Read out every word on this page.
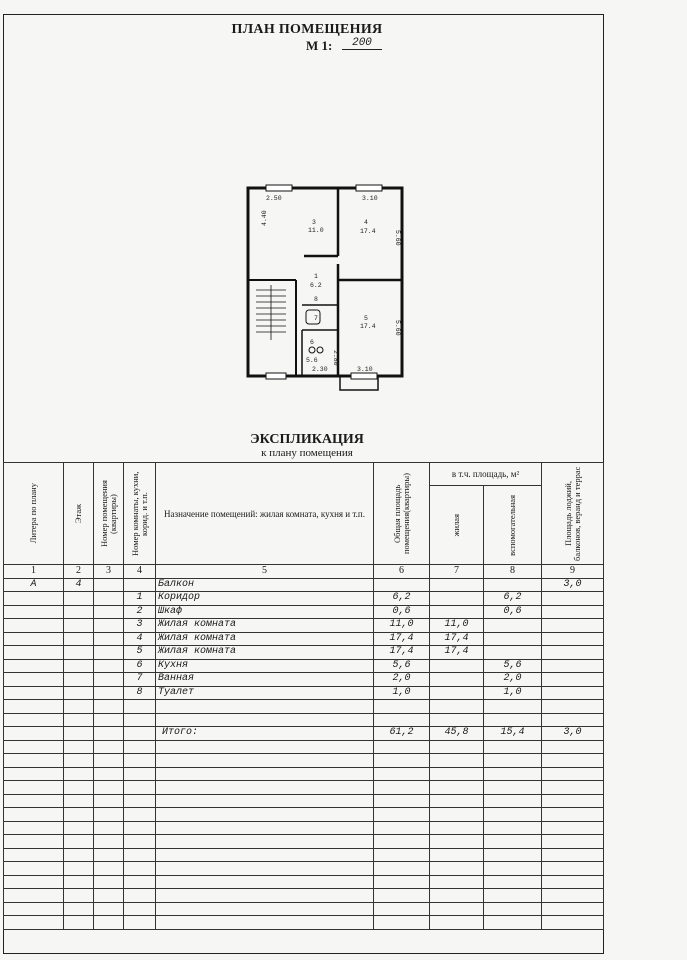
ПЛАН ПОМЕЩЕНИЯ
М 1:	200
2.50	3.10
4.40
5.60
5.60
2.80
2.30	3.10
3
11.0
4
17.4
1
6.2
5
17.4
8
7
6
5.6
ЭКСПЛИКАЦИЯ
к плану помещения
Литера по плану	Этаж	Номер помещения (квартиры)	Номер комнаты, кухни, корид. и т.п.	Назначение помещений: жилая комната, кухня и т.п.	Общая площадь помещения(квартиры)	в т.ч. площадь, м²		Площадь лоджий, балконов, веранд и террас

						жилая	вспомогательная	

1	2	3	4	5	6	7	8	9
А	4			Балкон				3,0
			1	Коридор	6,2		6,2	
			2	Шкаф	0,6		0,6	
			3	Жилая комната	11,0	11,0		
			4	Жилая комната	17,4	17,4		
			5	Жилая комната	17,4	17,4		
			6	Кухня	5,6		5,6	
			7	Ванная	2,0		2,0	
			8	Туалет	1,0		1,0	

				Итого:	61,2	45,8	15,4	3,0
